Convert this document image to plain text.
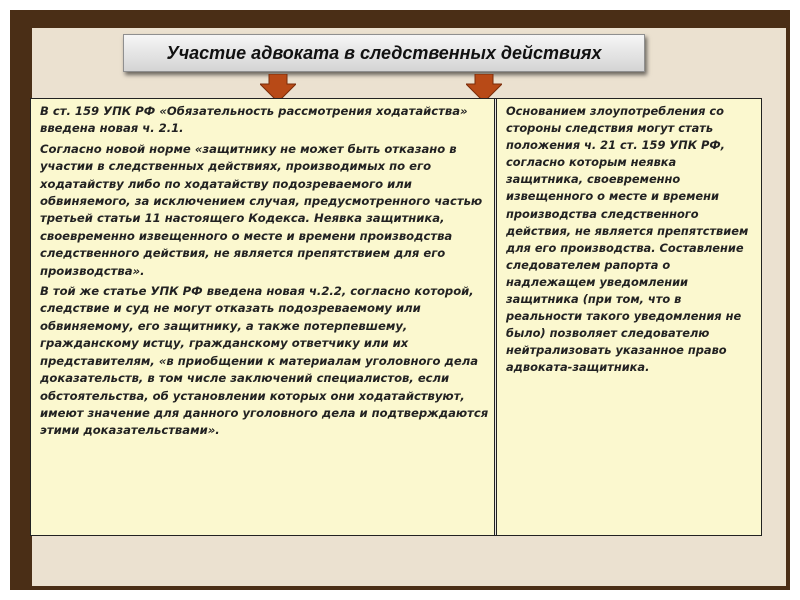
Участие адвоката в следственных действиях

В ст. 159 УПК РФ «Обязательность рассмотрения ходатайства» введена новая ч. 2.1.

Согласно новой норме «защитнику не может быть отказано в участии в следственных действиях, производимых по его ходатайству либо по ходатайству подозреваемого или обвиняемого, за исключением случая, предусмотренного частью третьей статьи 11 настоящего Кодекса. Неявка защитника, своевременно извещенного о месте и времени производства следственного действия, не является препятствием для его производства».

В той же статье УПК РФ введена новая ч.2.2, согласно которой, следствие и суд не могут отказать подозреваемому или обвиняемому, его защитнику, а также потерпевшему, гражданскому истцу, гражданскому ответчику или их представителям, «в приобщении к материалам уголовного дела доказательств, в том числе заключений специалистов, если обстоятельства, об установлении которых они ходатайствуют, имеют значение для данного уголовного дела и подтверждаются этими доказательствами».

Основанием злоупотребления со стороны следствия могут стать положения ч. 21 ст. 159 УПК РФ, согласно которым неявка защитника, своевременно извещенного о месте и времени производства следственного действия, не является препятствием для его производства. Составление следователем рапорта о надлежащем уведомлении защитника (при том, что в реальности такого уведомления не было) позволяет следователю нейтрализовать указанное право адвоката-защитника.
